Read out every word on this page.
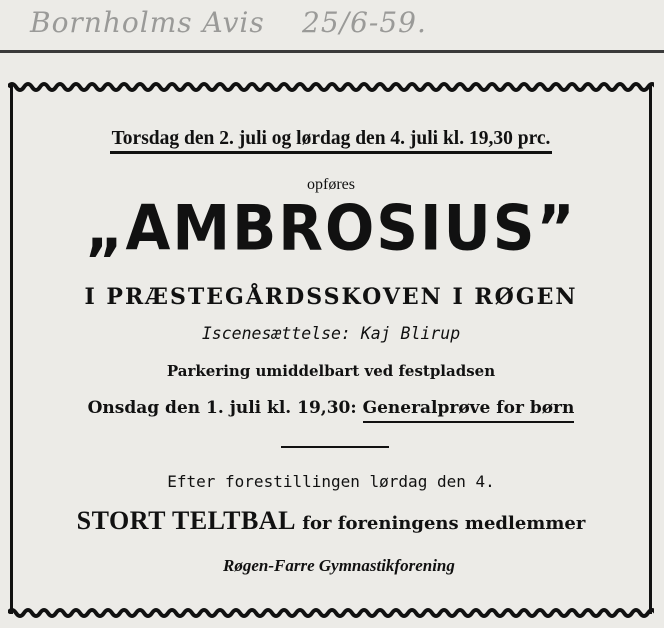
Bornholms Avis 25/6-59.
Torsdag den 2. juli og lørdag den 4. juli kl. 19,30 prc.
opføres
„AMBROSIUS”
I PRÆSTEGÅRDSSKOVEN I RØGEN
Iscenesættelse: Kaj Blirup
Parkering umiddelbart ved festpladsen
Onsdag den 1. juli kl. 19,30: Generalprøve for børn
Efter forestillingen lørdag den 4.
STORT TELTBAL for foreningens medlemmer
Røgen-Farre Gymnastikforening
